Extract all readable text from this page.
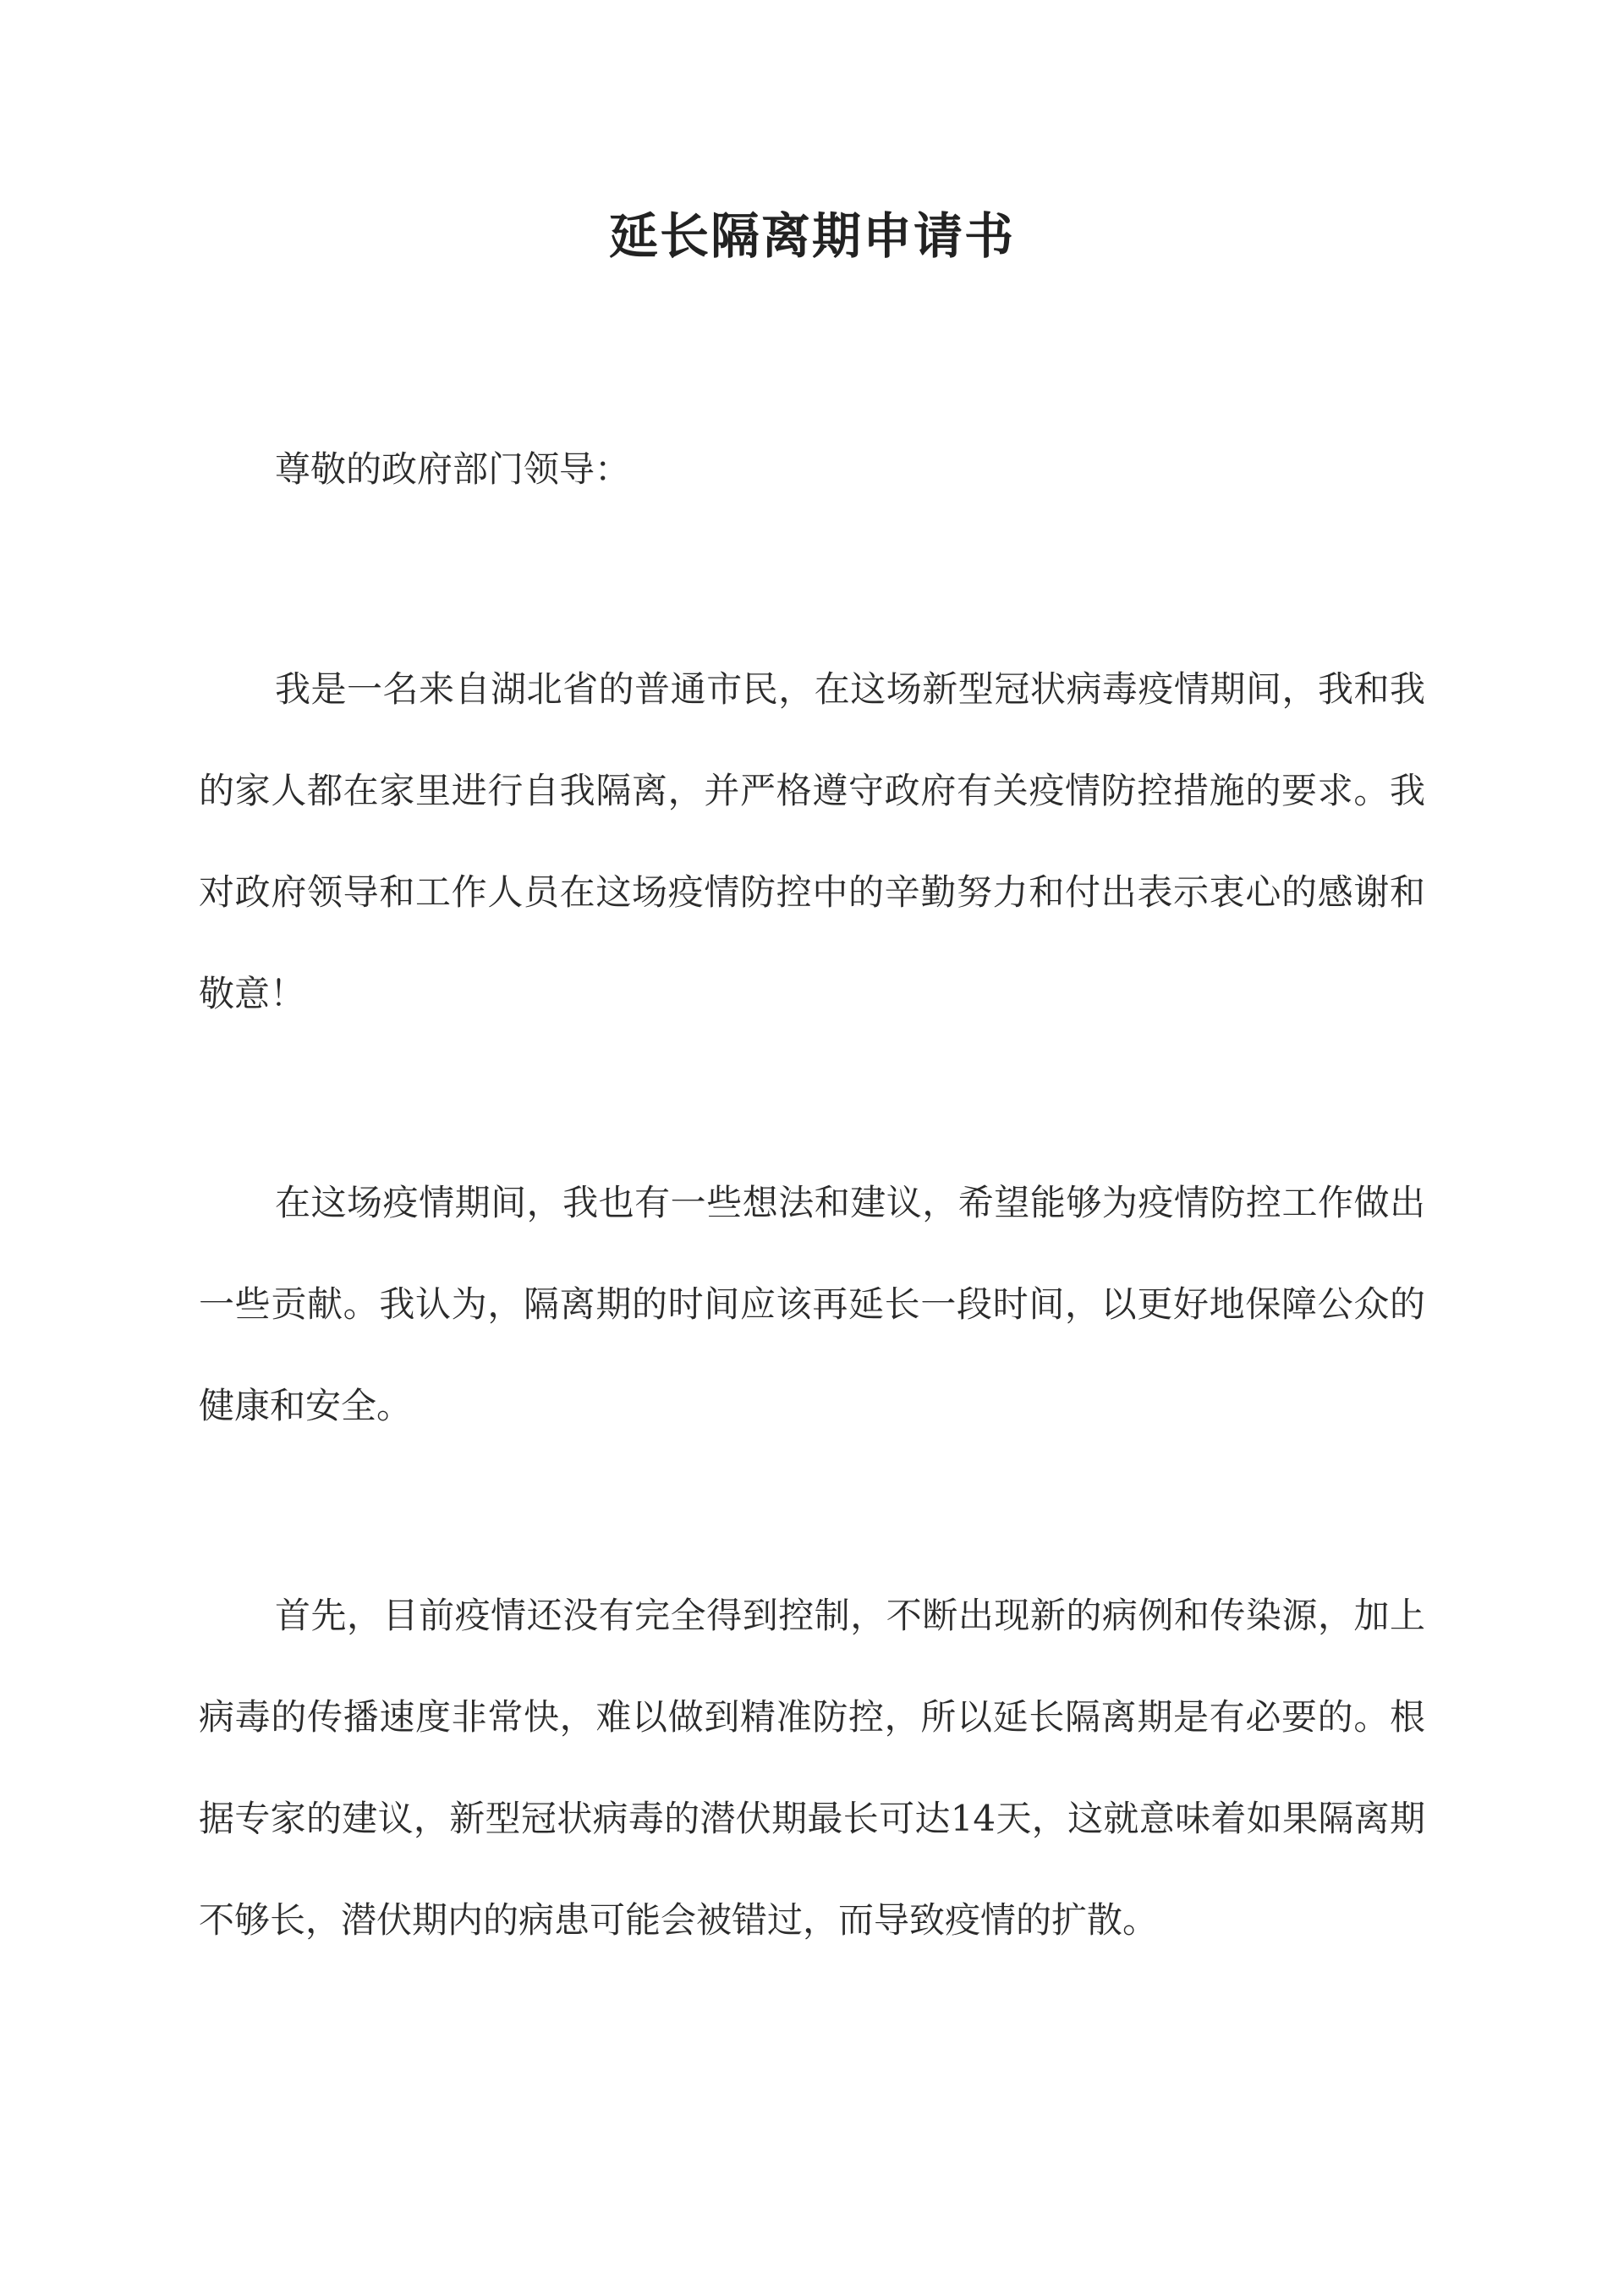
延长隔离期申请书

尊敬的政府部门领导：

我是一名来自湖北省的普通市民，在这场新型冠状病毒疫情期间，我和我的家人都在家里进行自我隔离，并严格遵守政府有关疫情防控措施的要求。我对政府领导和工作人员在这场疫情防控中的辛勤努力和付出表示衷心的感谢和敬意！

在这场疫情期间，我也有一些想法和建议，希望能够为疫情防控工作做出一些贡献。我认为，隔离期的时间应该再延长一段时间，以更好地保障公众的健康和安全。

首先，目前疫情还没有完全得到控制，不断出现新的病例和传染源，加上病毒的传播速度非常快，难以做到精准防控，所以延长隔离期是有必要的。根据专家的建议，新型冠状病毒的潜伏期最长可达14天，这就意味着如果隔离期不够长，潜伏期内的病患可能会被错过，而导致疫情的扩散。
